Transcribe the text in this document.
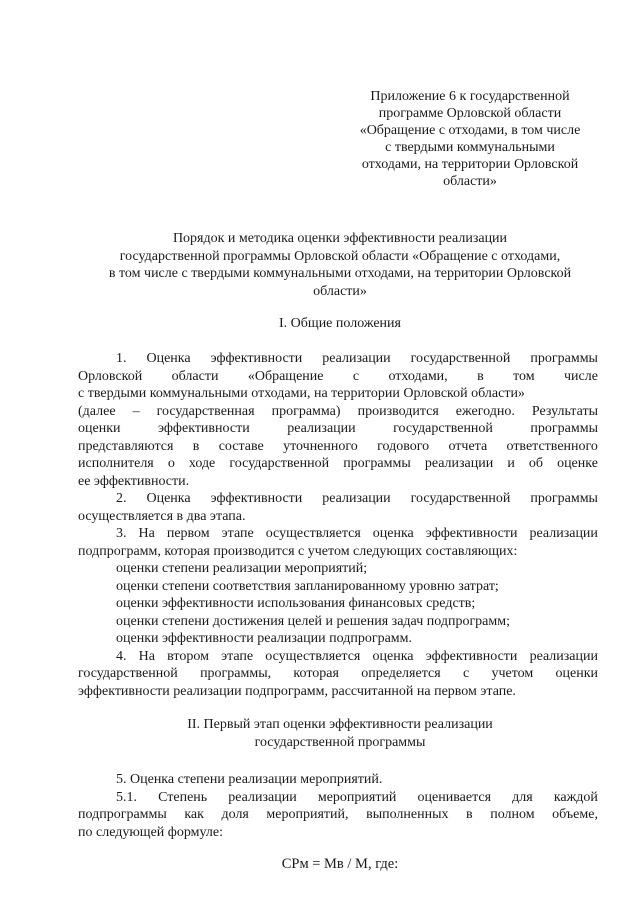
Приложение 6 к государственной
программе Орловской области
«Обращение с отходами, в том числе
с твердыми коммунальными
отходами, на территории Орловской
области»
Порядок и методика оценки эффективности реализации
государственной программы Орловской области «Обращение с отходами,
в том числе с твердыми коммунальными отходами, на территории Орловской
области»
I. Общие положения
1. Оценка эффективности реализации государственной программы
Орловской области «Обращение с отходами, в том числе
с твердыми коммунальными отходами, на территории Орловской области»
(далее – государственная программа) производится ежегодно. Результаты
оценки	эффективности	реализации	государственной	программы
представляются в составе уточненного годового отчета ответственного
исполнителя о ходе государственной программы реализации и об оценке
ее эффективности.
2. Оценка эффективности реализации государственной программы
осуществляется в два этапа.
3. На первом этапе осуществляется оценка эффективности реализации
подпрограмм, которая производится с учетом следующих составляющих:
оценки степени реализации мероприятий;
оценки степени соответствия запланированному уровню затрат;
оценки эффективности использования финансовых средств;
оценки степени достижения целей и решения задач подпрограмм;
оценки эффективности реализации подпрограмм.
4. На втором этапе осуществляется оценка эффективности реализации
государственной программы, которая определяется с учетом оценки
эффективности реализации подпрограмм, рассчитанной на первом этапе.
II. Первый этап оценки эффективности реализации
государственной программы
5. Оценка степени реализации мероприятий.
5.1. Степень реализации мероприятий оценивается для каждой
подпрограммы как доля мероприятий, выполненных в полном объеме,
по следующей формуле:
СРм = Мв / М, где:
